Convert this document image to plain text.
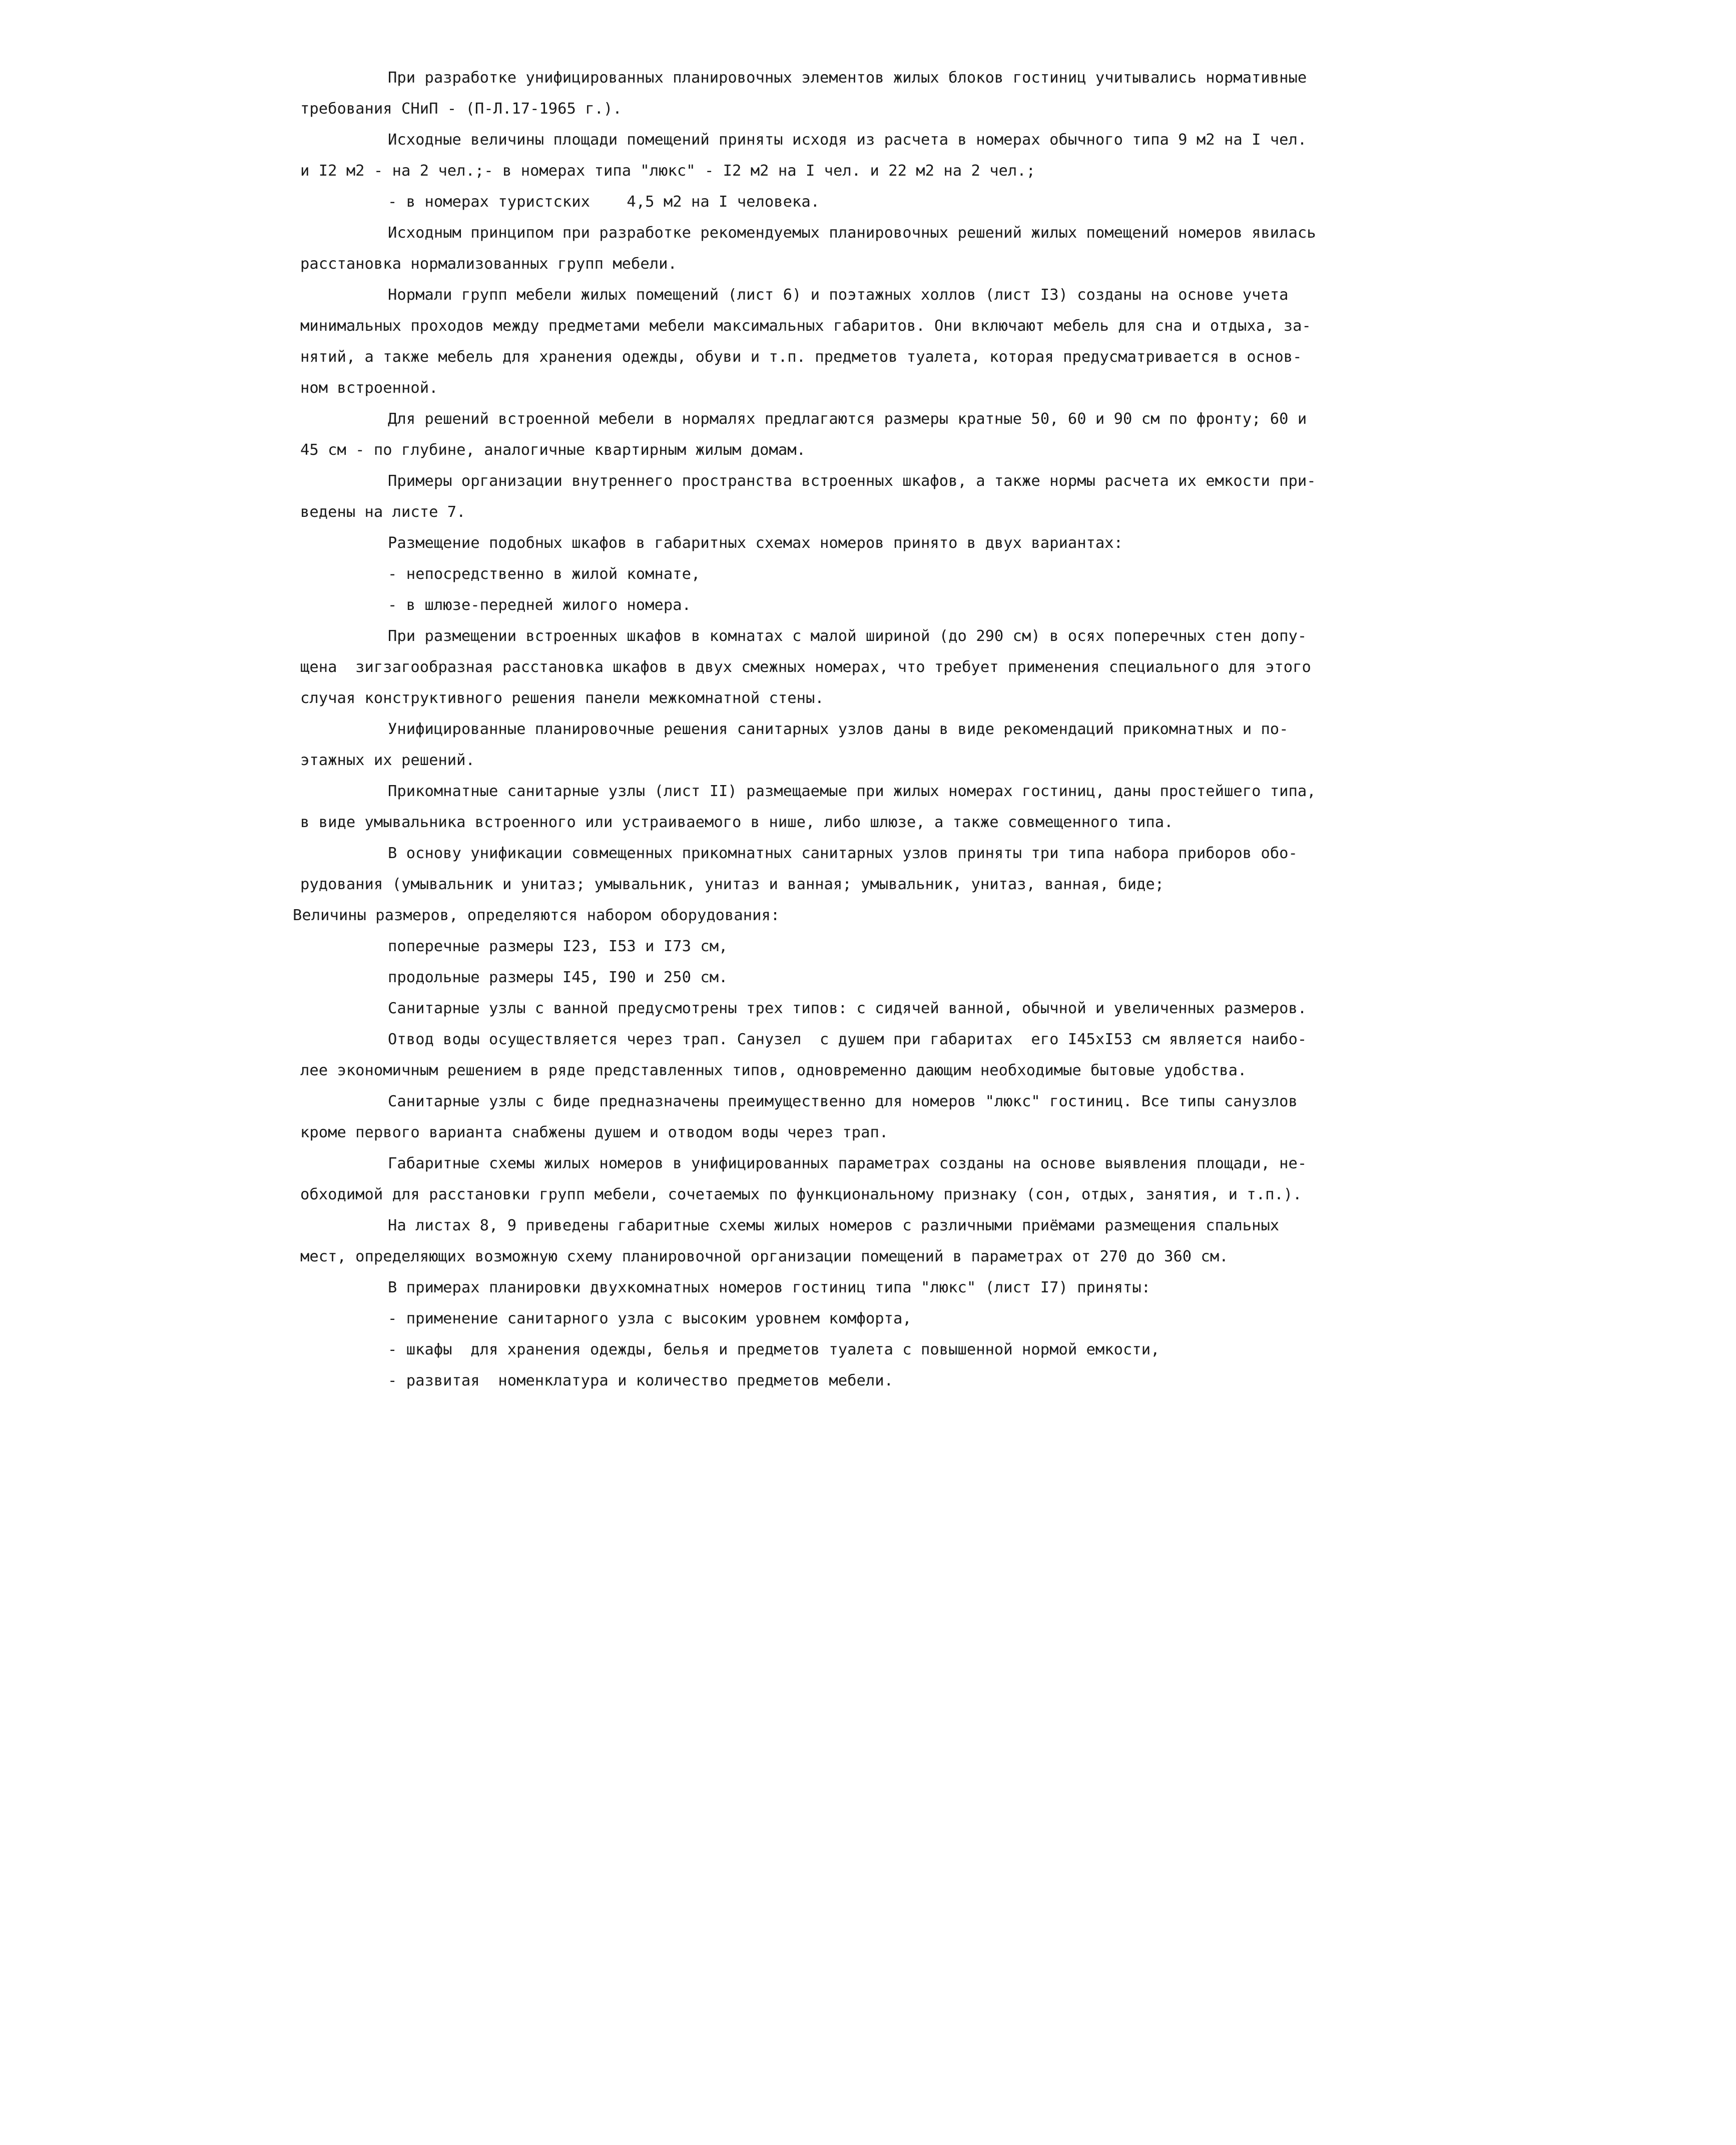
При разработке унифицированных планировочных элементов жилых блоков гостиниц учитывались нормативные
требования СНиП - (П-Л.17-1965 г.).
Исходные величины площади помещений приняты исходя из расчета в номерах обычного типа 9 м2 на I чел.
и I2 м2 - на 2 чел.;- в номерах типа "люкс" - I2 м2 на I чел. и 22 м2 на 2 чел.;
- в номерах туристских    4,5 м2 на I человека.
Исходным принципом при разработке рекомендуемых планировочных решений жилых помещений номеров явилась
расстановка нормализованных групп мебели.
Нормали групп мебели жилых помещений (лист 6) и поэтажных холлов (лист I3) созданы на основе учета
минимальных проходов между предметами мебели максимальных габаритов. Они включают мебель для сна и отдыха, за-
нятий, а также мебель для хранения одежды, обуви и т.п. предметов туалета, которая предусматривается в основ-
ном встроенной.
Для решений встроенной мебели в нормалях предлагаются размеры кратные 50, 60 и 90 см по фронту; 60 и
45 см - по глубине, аналогичные квартирным жилым домам.
Примеры организации внутреннего пространства встроенных шкафов, а также нормы расчета их емкости при-
ведены на листе 7.
Размещение подобных шкафов в габаритных схемах номеров принято в двух вариантах:
- непосредственно в жилой комнате,
- в шлюзе-передней жилого номера.
При размещении встроенных шкафов в комнатах с малой шириной (до 290 см) в осях поперечных стен допу-
щена  зигзагообразная расстановка шкафов в двух смежных номерах, что требует применения специального для этого
случая конструктивного решения панели межкомнатной стены.
Унифицированные планировочные решения санитарных узлов даны в виде рекомендаций прикомнатных и по-
этажных их решений.
Прикомнатные санитарные узлы (лист II) размещаемые при жилых номерах гостиниц, даны простейшего типа,
в виде умывальника встроенного или устраиваемого в нише, либо шлюзе, а также совмещенного типа.
В основу унификации совмещенных прикомнатных санитарных узлов приняты три типа набора приборов обо-
рудования (умывальник и унитаз; умывальник, унитаз и ванная; умывальник, унитаз, ванная, биде;
Величины размеров, определяются набором оборудования:
поперечные размеры I23, I53 и I73 см,
продольные размеры I45, I90 и 250 см.
Санитарные узлы с ванной предусмотрены трех типов: с сидячей ванной, обычной и увеличенных размеров.
Отвод воды осуществляется через трап. Санузел  с душем при габаритах  его I45xI53 см является наибо-
лее экономичным решением в ряде представленных типов, одновременно дающим необходимые бытовые удобства.
Санитарные узлы с биде предназначены преимущественно для номеров "люкс" гостиниц. Все типы санузлов
кроме первого варианта снабжены душем и отводом воды через трап.
Габаритные схемы жилых номеров в унифицированных параметрах созданы на основе выявления площади, не-
обходимой для расстановки групп мебели, сочетаемых по функциональному признаку (сон, отдых, занятия, и т.п.).
На листах 8, 9 приведены габаритные схемы жилых номеров с различными приёмами размещения спальных
мест, определяющих возможную схему планировочной организации помещений в параметрах от 270 до 360 см.
В примерах планировки двухкомнатных номеров гостиниц типа "люкс" (лист I7) приняты:
- применение санитарного узла с высоким уровнем комфорта,
- шкафы  для хранения одежды, белья и предметов туалета с повышенной нормой емкости,
- развитая  номенклатура и количество предметов мебели.
